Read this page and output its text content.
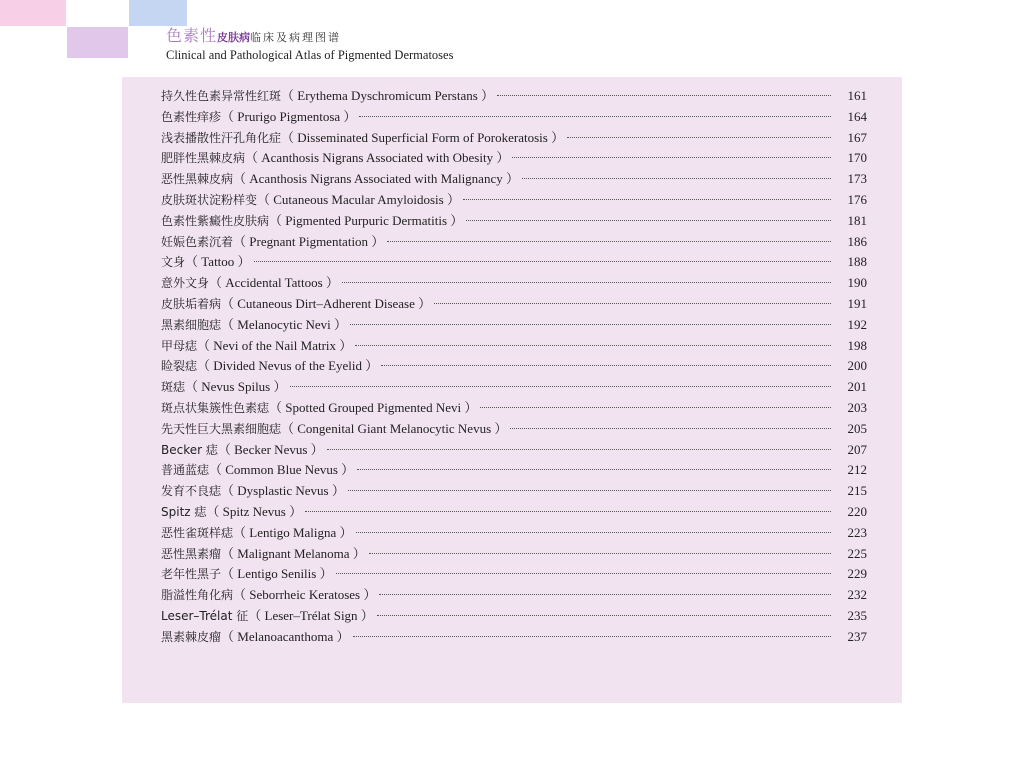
色素性皮肤病临床及病理图谱
Clinical and Pathological Atlas of Pigmented Dermatoses
持久性色素异常性红斑（ Erythema Dyschromicum Perstans ）	161
色素性痒疹（ Prurigo Pigmentosa ）	164
浅表播散性汗孔角化症（ Disseminated Superficial Form of Porokeratosis ）	167
肥胖性黑棘皮病（ Acanthosis Nigrans Associated with Obesity ）	170
恶性黑棘皮病（ Acanthosis Nigrans Associated with Malignancy ）	173
皮肤斑状淀粉样变（ Cutaneous Macular Amyloidosis ）	176
色素性紫癜性皮肤病（ Pigmented Purpuric Dermatitis ）	181
妊娠色素沉着（ Pregnant Pigmentation ）	186
文身（ Tattoo ）	188
意外文身（ Accidental Tattoos ）	190
皮肤垢着病（ Cutaneous Dirt–Adherent Disease ）	191
黑素细胞痣（ Melanocytic Nevi ）	192
甲母痣（ Nevi of the Nail Matrix ）	198
睑裂痣（ Divided Nevus of the Eyelid ）	200
斑痣（ Nevus Spilus ）	201
斑点状集簇性色素痣（ Spotted Grouped Pigmented Nevi ）	203
先天性巨大黑素细胞痣（ Congenital Giant Melanocytic Nevus ）	205
Becker 痣（ Becker Nevus ）	207
普通蓝痣（ Common Blue Nevus ）	212
发育不良痣（ Dysplastic Nevus ）	215
Spitz 痣（ Spitz Nevus ）	220
恶性雀斑样痣（ Lentigo Maligna ）	223
恶性黑素瘤（ Malignant Melanoma ）	225
老年性黑子（ Lentigo Senilis ）	229
脂溢性角化病（ Seborrheic Keratoses ）	232
Leser–Trélat 征（ Leser–Trélat Sign ）	235
黑素棘皮瘤（ Melanoacanthoma ）	237
